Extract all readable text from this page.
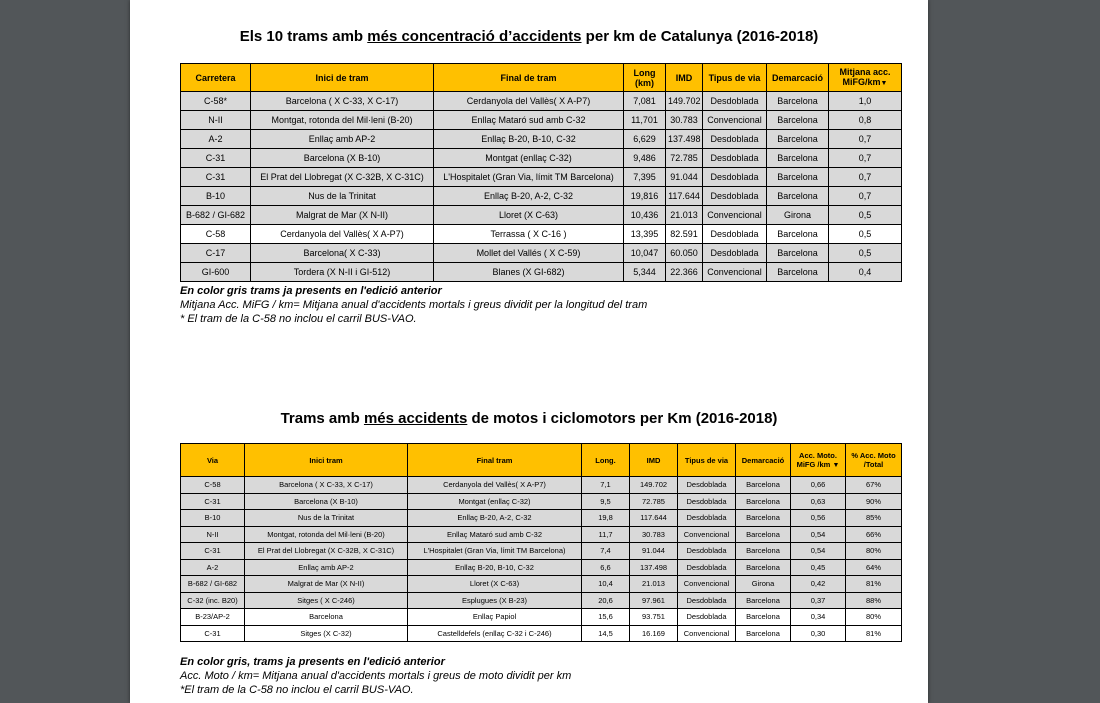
Els 10 trams amb més concentració d’accidents per km de Catalunya (2016-2018)
Carretera	Inici de tram	Final de tram	Long (km)	IMD	Tipus de via	Demarcació	Mitjana acc. MiFG/km▼
C-58*	Barcelona ( X C-33, X C-17)	Cerdanyola del Vallès( X A-P7)	7,081	149.702	Desdoblada	Barcelona	1,0
N-II	Montgat, rotonda del Mil·leni (B-20)	Enllaç Mataró sud amb C-32	11,701	30.783	Convencional	Barcelona	0,8
A-2	Enllaç amb AP-2	Enllaç B-20, B-10, C-32	6,629	137.498	Desdoblada	Barcelona	0,7
C-31	Barcelona (X B-10)	Montgat (enllaç C-32)	9,486	72.785	Desdoblada	Barcelona	0,7
C-31	El Prat del Llobregat (X C-32B, X C-31C)	L'Hospitalet (Gran Via, límit TM Barcelona)	7,395	91.044	Desdoblada	Barcelona	0,7
B-10	Nus de la Trinitat	Enllaç B-20, A-2, C-32	19,816	117.644	Desdoblada	Barcelona	0,7
B-682 / GI-682	Malgrat de Mar (X N-II)	Lloret (X C-63)	10,436	21.013	Convencional	Girona	0,5
C-58	Cerdanyola del Vallès( X A-P7)	Terrassa ( X C-16 )	13,395	82.591	Desdoblada	Barcelona	0,5
C-17	Barcelona( X C-33)	Mollet del Vallés ( X C-59)	10,047	60.050	Desdoblada	Barcelona	0,5
GI-600	Tordera (X N-II i GI-512)	Blanes (X GI-682)	5,344	22.366	Convencional	Barcelona	0,4
En color gris trams ja presents en l'edició anterior
Mitjana Acc. MiFG / km= Mitjana anual d'accidents mortals i greus dividit per la longitud del tram
* El tram de la C-58 no inclou el carril BUS-VAO.
Trams amb més accidents de motos i ciclomotors per Km (2016-2018)
Via	Inici tram	Final tram	Long.	IMD	Tipus de via	Demarcació	Acc. Moto. MiFG /km ▼	% Acc. Moto /Total
C-58	Barcelona ( X C-33, X C-17)	Cerdanyola del Vallès( X A-P7)	7,1	149.702	Desdoblada	Barcelona	0,66	67%
C-31	Barcelona (X B-10)	Montgat (enllaç C-32)	9,5	72.785	Desdoblada	Barcelona	0,63	90%
B-10	Nus de la Trinitat	Enllaç B-20, A-2, C-32	19,8	117.644	Desdoblada	Barcelona	0,56	85%
N-II	Montgat, rotonda del Mil·leni (B-20)	Enllaç Mataró sud amb C-32	11,7	30.783	Convencional	Barcelona	0,54	66%
C-31	El Prat del Llobregat (X C-32B, X C-31C)	L'Hospitalet (Gran Via, límit TM Barcelona)	7,4	91.044	Desdoblada	Barcelona	0,54	80%
A-2	Enllaç amb AP-2	Enllaç B-20, B-10, C-32	6,6	137.498	Desdoblada	Barcelona	0,45	64%
B-682 / GI-682	Malgrat de Mar (X N-II)	Lloret (X C-63)	10,4	21.013	Convencional	Girona	0,42	81%
C-32 (inc. B20)	Sitges ( X C-246)	Esplugues (X B-23)	20,6	97.961	Desdoblada	Barcelona	0,37	88%
B-23/AP-2	Barcelona	Enllaç Papiol	15,6	93.751	Desdoblada	Barcelona	0,34	80%
C-31	Sitges (X C-32)	Castelldefels (enllaç C-32 i C-246)	14,5	16.169	Convencional	Barcelona	0,30	81%
En color gris, trams ja presents en l'edició anterior
Acc. Moto / km= Mitjana anual d'accidents mortals i greus de moto dividit per km
*El tram de la C-58 no inclou el carril BUS-VAO.
